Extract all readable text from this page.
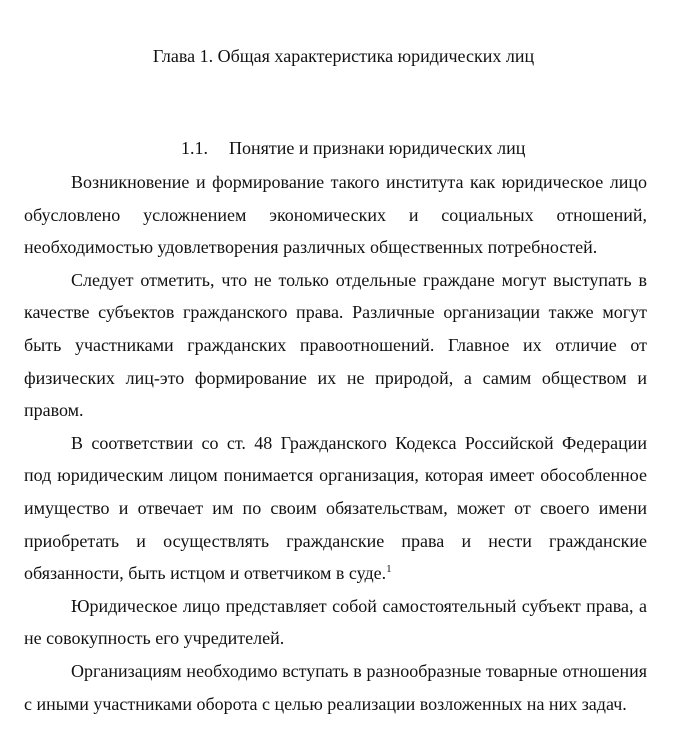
Глава 1. Общая характеристика юридических лиц
1.1. Понятие и признаки юридических лиц

Возникновение и формирование такого института как юридическое лицо обусловлено усложнением экономических и социальных отношений, необходимостью удовлетворения различных общественных потребностей.

Следует отметить, что не только отдельные граждане могут выступать в качестве субъектов гражданского права. Различные организации также могут быть участниками гражданских правоотношений. Главное их отличие от физических лиц-это формирование их не природой, а самим обществом и правом.

В соответствии со ст. 48 Гражданского Кодекса Российской Федерации под юридическим лицом понимается организация, которая имеет обособленное имущество и отвечает им по своим обязательствам, может от своего имени приобретать и осуществлять гражданские права и нести гражданские обязанности, быть истцом и ответчиком в суде.$^1$

Юридическое лицо представляет собой самостоятельный субъект права, а не совокупность его учредителей.

Организациям необходимо вступать в разнообразные товарные отношения с иными участниками оборота с целью реализации возложенных на них задач.
